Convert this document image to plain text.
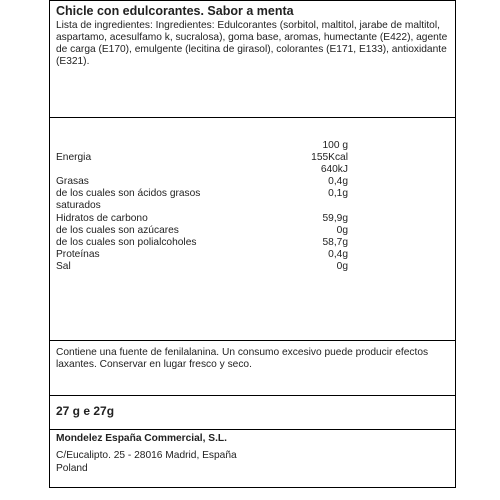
Chicle con edulcorantes. Sabor a menta
Lista de ingredientes: Ingredientes: Edulcorantes (sorbitol, maltitol, jarabe de maltitol, aspartamo, acesulfamo k, sucralosa), goma base, aromas, humectante (E422), agente de carga (E170), emulgente (lecitina de girasol), colorantes (E171, E133), antioxidante (E321).
100 g
Energia	155Kcal
640kJ
Grasas	0,4g
de los cuales son ácidos grasos	0,1g
saturados
Hidratos de carbono	59,9g
de los cuales son azúcares	0g
de los cuales son polialcoholes	58,7g
Proteínas	0,4g
Sal	0g
Contiene una fuente de fenilalanina. Un consumo excesivo puede producir efectos laxantes. Conservar en lugar fresco y seco.
27 g e 27g
Mondelez España Commercial, S.L.
C/Eucalipto. 25 - 28016 Madrid, España
Poland
